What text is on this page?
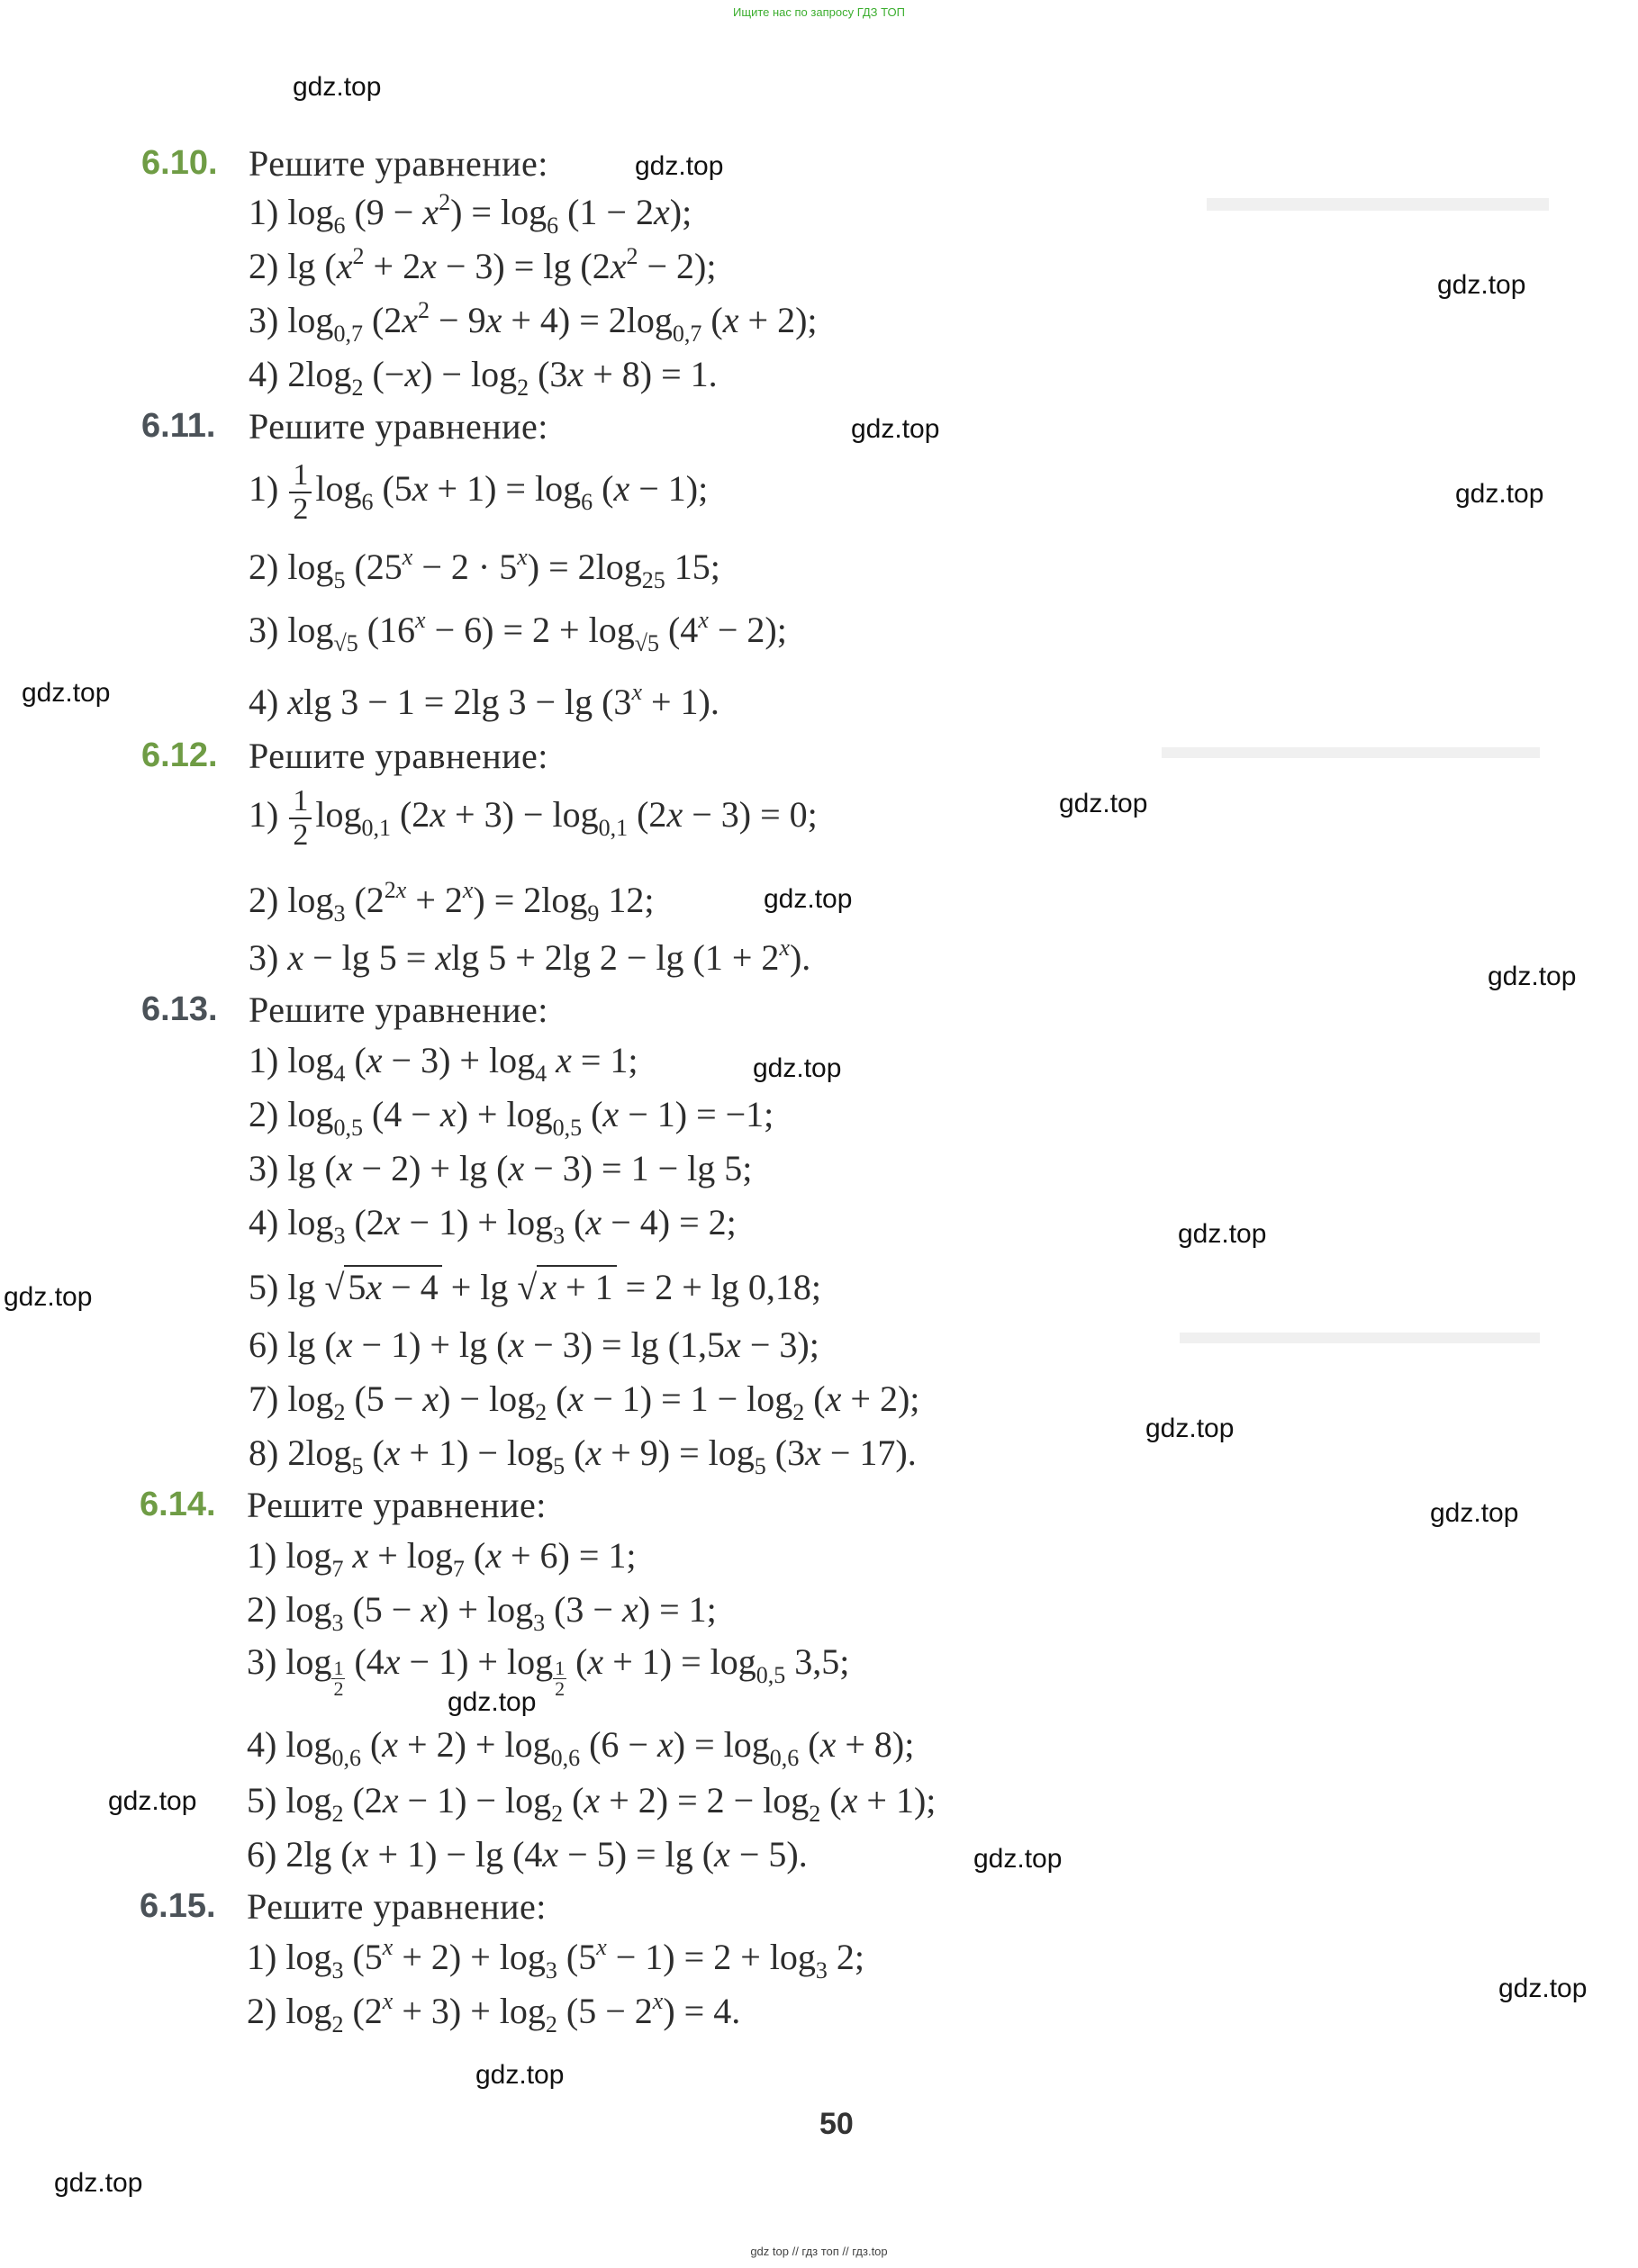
Ищите нас по запросу ГДЗ ТОП
gdz.top
gdz.top
gdz.top
gdz.top
gdz.top
gdz.top
gdz.top
gdz.top
gdz.top
gdz.top
gdz.top
gdz.top
gdz.top
gdz.top
gdz.top
gdz.top
gdz.top
gdz.top
gdz.top
gdz.top
6.10. Решите уравнение:
1) $\log_6 (9 - x^2) = \log_6 (1 - 2x)$;
2) $\lg (x^2 + 2x - 3) = \lg (2x^2 - 2)$;
3) $\log_{0,7} (2x^2 - 9x + 4) = 2\log_{0,7}$ (x + 2);
4) $2\log_2$ $(-x) - \log_2 (3x + 8) = 1$.
6.11. Решите уравнение:
$1) \frac{1}{2} \log_6 (5x + 1) = \log_6 (x - 1)$;
2) $\log_5 (25^x - 2 \cdot 5^x) = 2\log_{25}$ 15;
3) $\log_{√5} (16^x - 6) = 2 + \log_{√5} (4^x - 2)$;
4) xlg 3 − 1 = 2lg $3 - \lg (3^x + 1)$.
6.12. Решите уравнение:
$1) \frac{1}{2} \log_{0,1} (2x + 3) - \log_{0,1} (2x - 3) = 0$;
2) $\log_3 (2^{2x} + 2^x) = 2\log_9$ 12;
3) x − lg 5 = xlg 5 + 2lg $2 - \lg (1 + 2^x)$.
6.13. Решите уравнение:
1) $\log_4 (x - 3) + \log_4 x = 1$;
2) $\log_{0,5} (4 - x) + \log_{0,5} (x - 1) = -1$;
3) lg (x − 2) + lg (x − 3) = 1 − lg 5;
4) $\log_3 (2x - 1) + \log_3 (x - 4) = 2$;
5) lg √ 5x − 4 + lg √ x + 1 = 2 + lg 0,18;
6) lg (x − 1) + lg (x − 3) = lg (1,5x − 3);
7) $\log_2 (5 - x) - \log_2 (x - 1) = 1 - \log_2 (x + 2)$;
8) $2\log_5$ $(x + 1) - \log_5 (x + 9) = \log_5 (3x - 17)$.
6.14. Решите уравнение:
1) $\log_7 x + \log_7 (x + 6) = 1$;
2) $\log_3 (5 - x) + \log_3 (3 - x) = 1$;
3) $\log \frac{1}{2} (4x - 1) + \log \frac{1}{2} (x + 1) = \log_{0,5} 3,5$;
4) $\log_{0,6} (x + 2) + \log_{0,6} (6 - x) = \log_{0,6} (x + 8)$;
5) $\log_2 (2x - 1) - \log_2 (x + 2) = 2 - \log_2 (x + 1)$;
6) 2lg (x + 1) − lg (4x − 5) = lg (x − 5).
6.15. Решите уравнение:
1) $\log_3 (5^x + 2) + \log_3 (5^x - 1) = 2 + \log_3 2$;
2) $\log_2 (2^x + 3) + \log_2 (5 - 2^x) = 4$.
50
gdz top // гдз топ // гдз.top
